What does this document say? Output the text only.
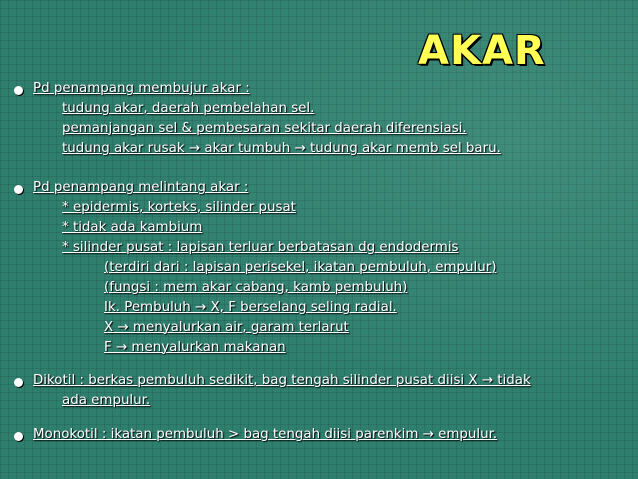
AKAR
Pd penampang membujur akar :
tudung akar, daerah pembelahan sel.
pemanjangan sel & pembesaran sekitar daerah diferensiasi.
tudung akar rusak → akar tumbuh → tudung akar memb sel baru.
Pd penampang melintang akar :
* epidermis, korteks, silinder pusat
* tidak ada kambium
* silinder pusat : lapisan terluar berbatasan dg endodermis
(terdiri dari : lapisan perisekel, ikatan pembuluh, empulur)
(fungsi : mem akar cabang, kamb pembuluh)
Ik. Pembuluh → X, F berselang seling radial.
X → menyalurkan air, garam terlarut
F → menyalurkan makanan
Dikotil : berkas pembuluh sedikit, bag tengah silinder pusat diisi X → tidak
ada empulur.
Monokotil : ikatan pembuluh > bag tengah diisi parenkim → empulur.
